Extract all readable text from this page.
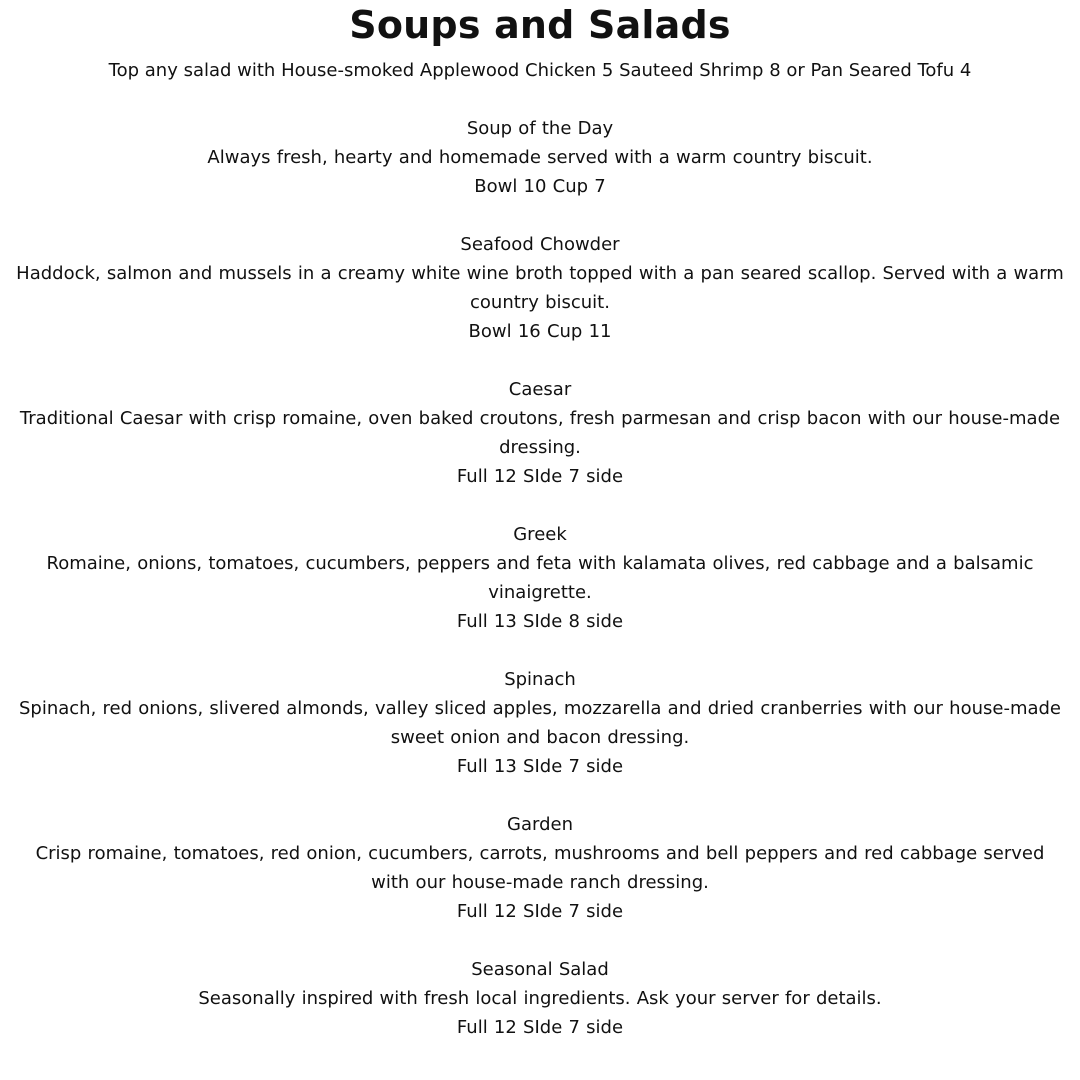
Soups and Salads

Top any salad with House-smoked Applewood Chicken 5 Sauteed Shrimp 8 or Pan Seared Tofu 4

Soup of the Day
Always fresh, hearty and homemade served with a warm country biscuit.
Bowl 10 Cup 7
Seafood Chowder
Haddock, salmon and mussels in a creamy white wine broth topped with a pan seared scallop. Served with a warm country biscuit.
Bowl 16 Cup 11
Caesar
Traditional Caesar with crisp romaine, oven baked croutons, fresh parmesan and crisp bacon with our house-made dressing.
Full 12 SIde 7 side
Greek
Romaine, onions, tomatoes, cucumbers, peppers and feta with kalamata olives, red cabbage and a balsamic vinaigrette.
Full 13 SIde 8 side
Spinach
Spinach, red onions, slivered almonds, valley sliced apples, mozzarella and dried cranberries with our house-made sweet onion and bacon dressing.
Full 13 SIde 7 side
Garden
Crisp romaine, tomatoes, red onion, cucumbers, carrots, mushrooms and bell peppers and red cabbage served with our house-made ranch dressing.
Full 12 SIde 7 side
Seasonal Salad
Seasonally inspired with fresh local ingredients. Ask your server for details.
Full 12 SIde 7 side
